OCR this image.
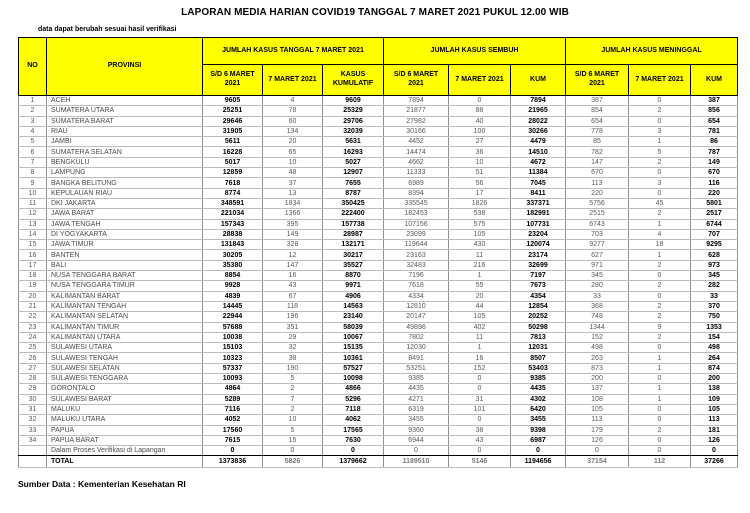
LAPORAN MEDIA HARIAN COVID19 TANGGAL 7 MARET 2021 PUKUL 12.00 WIB
data dapat berubah sesuai hasil verifikasi
NO	PROVINSI	JUMLAH KASUS TANGGAL 7 MARET 2021			JUMLAH KASUS SEMBUH			JUMLAH KASUS MENINGGAL		
		S/D 6 MARET 2021	7 MARET 2021	KASUS KUMULATIF	S/D 6 MARET 2021	7 MARET 2021	KUM	S/D 6 MARET 2021	7 MARET 2021	KUM
1	ACEH	9605	4	9609	7894	0	7894	387	0	387
2	SUMATERA UTARA	25251	78	25329	21877	88	21965	854	2	856
3	SUMATERA BARAT	29646	60	29706	27982	40	28022	654	0	654
4	RIAU	31905	134	32039	30166	100	30266	778	3	781
5	JAMBI	5611	20	5631	4452	27	4479	85	1	86
6	SUMATERA SELATAN	16228	65	16293	14474	36	14510	782	5	787
7	BENGKULU	5017	10	5027	4662	10	4672	147	2	149
8	LAMPUNG	12859	48	12907	11333	51	11384	670	0	670
9	BANGKA BELITUNG	7618	37	7655	6989	56	7045	113	3	116
10	KEPULAUAN RIAU	8774	13	8787	8394	17	8411	220	0	220
11	DKI JAKARTA	348591	1834	350425	335545	1826	337371	5756	45	5801
12	JAWA BARAT	221034	1366	222400	182453	538	182991	2515	2	2517
13	JAWA TENGAH	157343	395	157738	107156	575	107731	6743	1	6744
14	DI YOGYAKARTA	28838	149	28987	23099	105	23204	703	4	707
15	JAWA TIMUR	131843	328	132171	119644	430	120074	9277	18	9295
16	BANTEN	30205	12	30217	23163	11	23174	627	1	628
17	BALI	35380	147	35527	32483	216	32699	971	2	973
18	NUSA TENGGARA BARAT	8854	16	8870	7196	1	7197	345	0	345
19	NUSA TENGGARA TIMUR	9928	43	9971	7618	55	7673	280	2	282
20	KALIMANTAN BARAT	4839	67	4906	4334	20	4354	33	0	33
21	KALIMANTAN TENGAH	14445	118	14563	12810	44	12854	368	2	370
22	KALIMANTAN SELATAN	22944	196	23140	20147	105	20252	748	2	750
23	KALIMANTAN TIMUR	57688	351	58039	49896	402	50298	1344	9	1353
24	KALIMANTAN UTARA	10038	29	10067	7802	11	7813	152	2	154
25	SULAWESI UTARA	15103	32	15135	12030	1	12031	498	0	498
26	SULAWESI TENGAH	10323	38	10361	8491	16	8507	263	1	264
27	SULAWESI SELATAN	57337	190	57527	53251	152	53403	873	1	874
28	SULAWESI TENGGARA	10093	5	10098	9385	0	9385	200	0	200
29	GORONTALO	4864	2	4866	4435	0	4435	137	1	138
30	SULAWESI BARAT	5289	7	5296	4271	31	4302	108	1	109
31	MALUKU	7116	2	7118	6319	101	6420	105	0	105
32	MALUKU UTARA	4052	10	4062	3455	0	3455	113	0	113
33	PAPUA	17560	5	17565	9360	38	9398	179	2	181
34	PAPUA BARAT	7615	15	7630	6944	43	6987	126	0	126
	Dalam Proses Verifikasi di Lapangan	0	0	0	0	0	0	0	0	0
	TOTAL	1373836	5826	1379662	1189510	5146	1194656	37154	112	37266
Sumber Data : Kementerian Kesehatan RI
